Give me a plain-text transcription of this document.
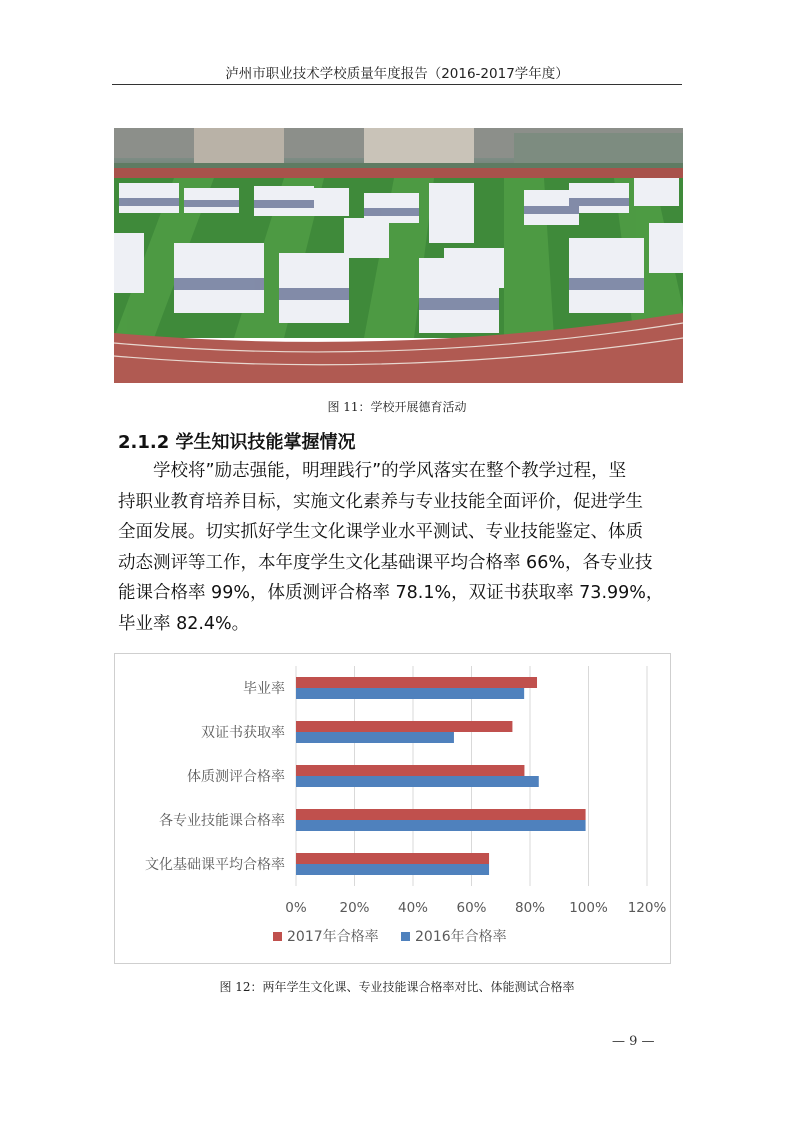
泸州市职业技术学校质量年度报告（2016-2017学年度）
图 11：学校开展德育活动
2.1.2 学生知识技能掌握情况
学校将”励志强能，明理践行”的学风落实在整个教学过程，坚
持职业教育培养目标，实施文化素养与专业技能全面评价，促进学生
全面发展。切实抓好学生文化课学业水平测试、专业技能鉴定、体质
动态测评等工作，本年度学生文化基础课平均合格率 66%，各专业技
能课合格率 99%，体质测评合格率 78.1%，双证书获取率 73.99%，
毕业率 82.4%。
0% 20% 40% 60% 80% 100% 120%
毕业率
双证书获取率
体质测评合格率
各专业技能课合格率
文化基础课平均合格率
2017年合格率	2016年合格率
图 12：两年学生文化课、专业技能课合格率对比、体能测试合格率
— 9 —
